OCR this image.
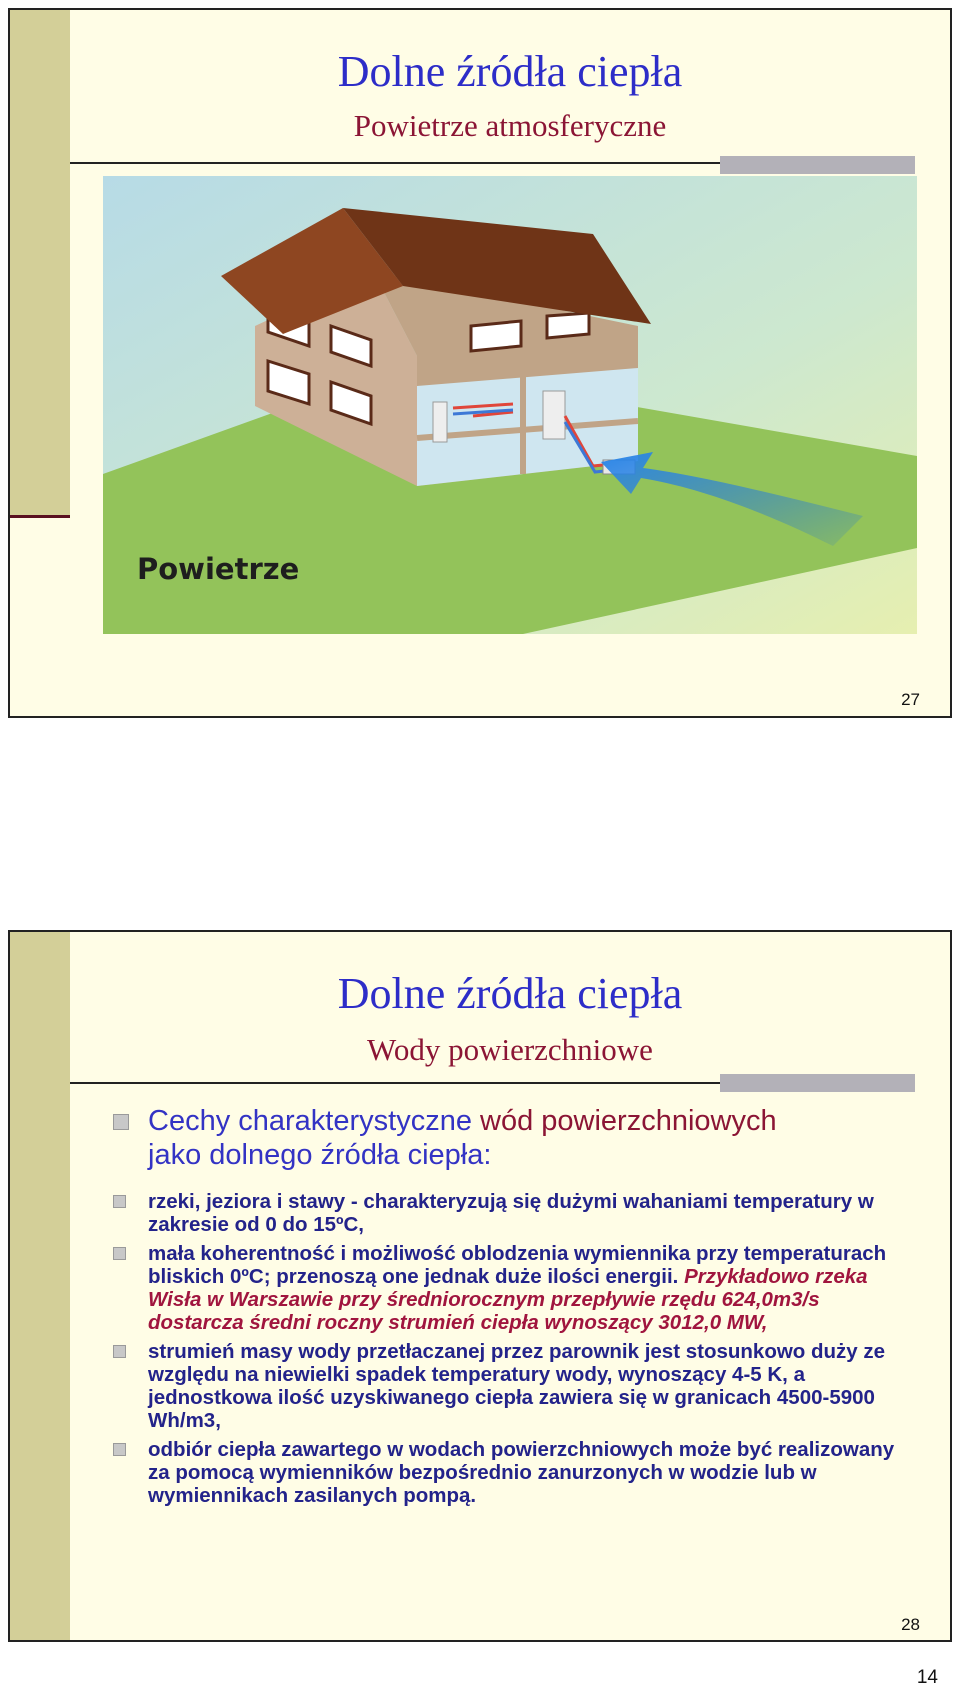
Dolne źródła ciepła
Powietrze atmosferyczne
Powietrze
27
Dolne źródła ciepła
Wody powierzchniowe
Cechy charakterystyczne wód powierzchniowych
jako dolnego źródła ciepła:
rzeki, jeziora i stawy - charakteryzują się dużymi wahaniami temperatury w zakresie od 0 do 15ºC,
mała koherentność i możliwość oblodzenia wymiennika przy temperaturach bliskich 0ºC; przenoszą one jednak duże ilości energii. Przykładowo rzeka Wisła w Warszawie przy średniorocznym przepływie rzędu 624,0m3/s dostarcza średni roczny strumień ciepła wynoszący 3012,0 MW,
strumień masy wody przetłaczanej przez parownik jest stosunkowo duży ze względu na niewielki spadek temperatury wody, wynoszący 4-5 K, a jednostkowa ilość uzyskiwanego ciepła zawiera się w granicach 4500-5900 Wh/m3,
odbiór ciepła zawartego w wodach powierzchniowych może być realizowany za pomocą wymienników bezpośrednio zanurzonych w wodzie lub w wymiennikach zasilanych pompą.
28
14
